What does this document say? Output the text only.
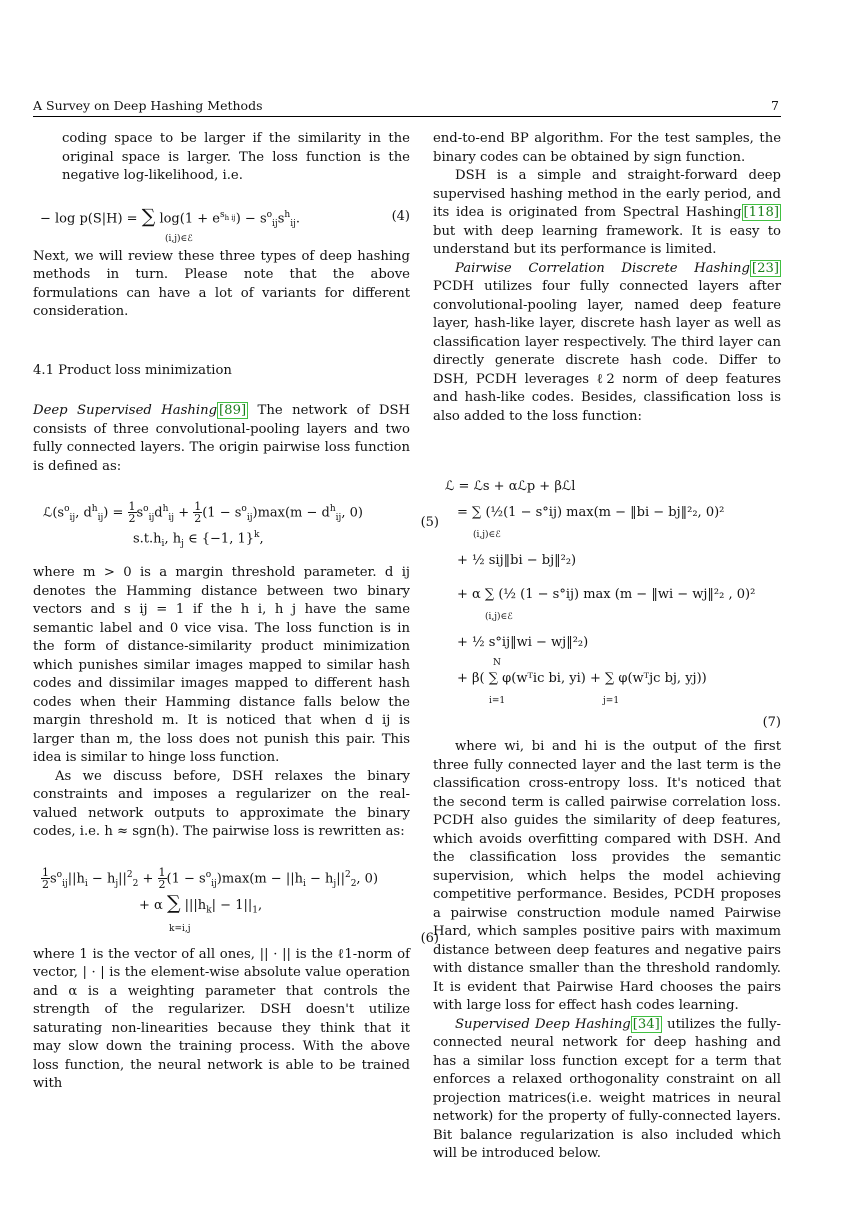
A Survey on Deep Hashing Methods	7

coding space to be larger if the similarity in the original space is larger. The loss function is the negative log-likelihood, i.e.

− log p(S|H) = ∑ $\log(1 + e^{s_{h ij}}) - s^o_{ij}s^h_{ij}$.
(i,j)∈ℰ
(4)

Next, we will review these three types of deep hashing methods in turn. Please note that the above formulations can have a lot of variants for different consideration.

4.1 Product loss minimization

Deep Supervised Hashing [89] The network of DSH consists of three convolutional-pooling layers and two fully connected layers. The origin pairwise loss function is defined as:

$ℒ(s^o_{ij}$, $d^h_{ij}) = \frac{1}{2} s^o_{ij}d^h_{ij} + \frac{1}{2} (1 - s^o_{ij})\max(m - d^h_{ij}$, 0)
$s.t.h_i$, $h_j$ ∈ {−1, 1}$^k$,
(5)

where m > 0 is a margin threshold parameter. d ij denotes the Hamming distance between two binary vectors and s ij = 1 if the h i, h j have the same semantic label and 0 vice visa. The loss function is in the form of distance-similarity product minimization which punishes similar images mapped to similar hash codes and dissimilar images mapped to different hash codes when their Hamming distance falls below the margin threshold m. It is noticed that when d ij is larger than m, the loss does not punish this pair. This idea is similar to hinge loss function.

As we discuss before, DSH relaxes the binary constraints and imposes a regularizer on the real-valued network outputs to approximate the binary codes, i.e. h ≈ sgn(h). The pairwise loss is rewritten as:

$\frac{1}{2} s^o_{ij}||h_i - h_j||^2_2 + \frac{1}{2} (1 - s^o_{ij})\max(m - ||h_i - h_j||^2_2$, 0)
+ α ∑ $|||h_k| - 1||_1$,
k=i,j
(6)

where 1 is the vector of all ones, || · || is the ℓ1-norm of vector, | · | is the element-wise absolute value operation and α is a weighting parameter that controls the strength of the regularizer. DSH doesn't utilize saturating non-linearities because they think that it may slow down the training process. With the above loss function, the neural network is able to be trained with

end-to-end BP algorithm. For the test samples, the binary codes can be obtained by sign function.

DSH is a simple and straight-forward deep supervised hashing method in the early period, and its idea is originated from Spectral Hashing [118] but with deep learning framework. It is easy to understand but its performance is limited.

Pairwise Correlation Discrete Hashing [23] PCDH utilizes four fully connected layers after convolutional-pooling layer, named deep feature layer, hash-like layer, discrete hash layer as well as classification layer respectively. The third layer can directly generate discrete hash code. Differ to DSH, PCDH leverages ℓ2 norm of deep features and hash-like codes. Besides, classification loss is also added to the loss function:

ℒ = ℒs + αℒp + βℒl
= ∑ (½(1 − s°ij) max(m − ‖bi − bj‖²₂, 0)²
(i,j)∈ℰ
+ ½ sij‖bi − bj‖²₂)
+ α ∑ (½ (1 − s°ij) max (m − ‖wi − wj‖²₂ , 0)²
(i,j)∈ℰ
+ ½ s°ij‖wi − wj‖²₂)
N
+ β( ∑ φ(wᵀic bi, yi) + ∑ φ(wᵀjc bj, yj))
i=1	j=1
(7)

where wi, bi and hi is the output of the first three fully connected layer and the last term is the classification cross-entropy loss. It's noticed that the second term is called pairwise correlation loss. PCDH also guides the similarity of deep features, which avoids overfitting compared with DSH. And the classification loss provides the semantic supervision, which helps the model achieving competitive performance. Besides, PCDH proposes a pairwise construction module named Pairwise Hard, which samples positive pairs with maximum distance between deep features and negative pairs with distance smaller than the threshold randomly. It is evident that Pairwise Hard chooses the pairs with large loss for effect hash codes learning.

Supervised Deep Hashing [34] utilizes the fully-connected neural network for deep hashing and has a similar loss function except for a term that enforces a relaxed orthogonality constraint on all projection matrices(i.e. weight matrices in neural network) for the property of fully-connected layers. Bit balance regularization is also included which will be introduced below.
